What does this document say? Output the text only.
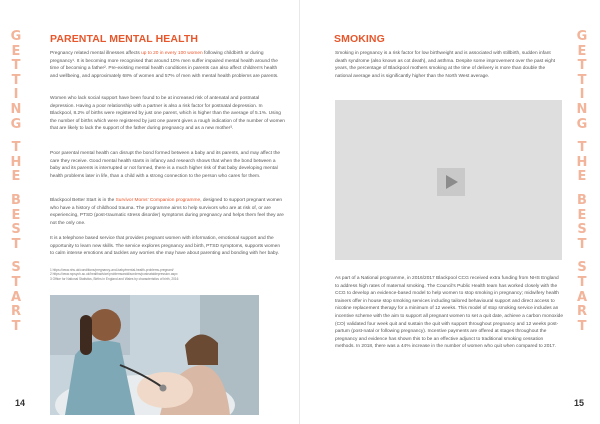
G
E
T
T
I
N
G
T
H
E
B
E
S
T
S
T
A
R
T
G
E
T
T
I
N
G
T
H
E
B
E
S
T
S
T
A
R
T
PARENTAL MENTAL HEALTH

Pregnancy related mental illnesses affects up to 20 in every 100 women following childbirth or during pregnancy¹. It is becoming more recognised that around 10% men suffer impaired mental health around the time of becoming a father². Pre-existing mental health conditions in parents can also affect children's health and wellbeing, and approximately 68% of women and 57% of men with mental health problems are parents.

Women who lack social support have been found to be at increased risk of antenatal and postnatal depression. Having a poor relationship with a partner is also a risk factor for postnatal depression. In Blackpool, 8.2% of births were registered by just one parent, which is higher than the average of 5.1%. Using the number of births which were registered by just one parent gives a rough indication of the number of women that are likely to lack the support of the father during pregnancy and as a new mother³.

Poor parental mental health can disrupt the bond formed between a baby and its parents, and may affect the care they receive. Good mental health starts in infancy and research shows that when the bond between a baby and its parents is interrupted or not formed, there is a much higher risk of that baby developing mental health problems later in life, than a child with a strong connection to the person who cares for them.

Blackpool Better Start is in the Survivor Moms' Companion programme, designed to support pregnant women who have a history of childhood trauma. The programme aims to help survivors who are at risk of, or are experiencing, PTSD (post-traumatic stress disorder) symptoms during pregnancy and helps them feel they are not the only one.

It is a telephone based service that provides pregnant women with information, emotional support and the opportunity to learn new skills. The service explores pregnancy and birth, PTSD symptoms, supports women to calm intense emotions and tackles any worries she may have about parenting and bonding with her baby.

1 https://www.nhs.uk/conditions/pregnancy-and-baby/mental-health-problems-pregnant/
2 https://www.rcpsych.ac.uk/healthadvice/problemsanddisorders/postnataldepression.aspx
3 Office for National Statistics, Births in England and Wales by characteristics of birth, 2016
14
SMOKING

Smoking in pregnancy is a risk factor for low birthweight and is associated with stillbirth, sudden infant death syndrome (also known as cot death), and asthma. Despite some improvement over the past eight years, the percentage of Blackpool mothers smoking at the time of delivery is more than double the national average and is significantly higher than the North West average.

As part of a National programme, in 2016/2017 Blackpool CCG received extra funding from NHS England to address high rates of maternal smoking. The Council's Public Health team has worked closely with the CCG to develop an evidence-based model to help women to stop smoking in pregnancy; midwifery health trainers offer in house stop smoking services including tailored behavioural support and direct access to nicotine replacement therapy for a minimum of 12 weeks. This model of stop smoking service includes an incentive scheme with the aim to support all pregnant women to set a quit date, achieve a carbon monoxide (CO) validated four week quit and sustain the quit with support throughout pregnancy and 12 weeks post-partum (post-natal or following pregnancy). Incentive payments are offered at stages throughout the pregnancy and evidence has shown this to be an effective adjunct to traditional smoking cessation methods. In 2018, there was a 44% increase in the number of women who quit when compared to 2017.

15
